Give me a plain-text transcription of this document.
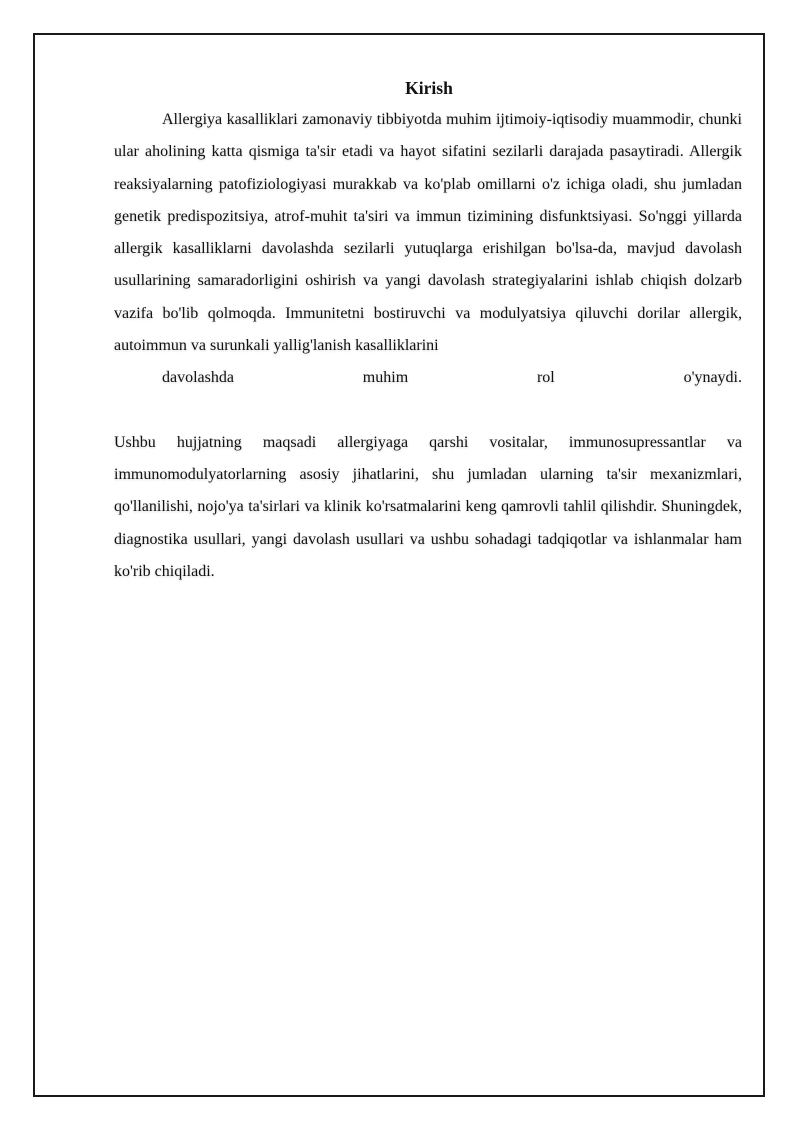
Kirish

Allergiya kasalliklari zamonaviy tibbiyotda muhim ijtimoiy-iqtisodiy muammodir, chunki ular aholining katta qismiga ta'sir etadi va hayot sifatini sezilarli darajada pasaytiradi. Allergik reaksiyalarning patofiziologiyasi murakkab va ko'plab omillarni o'z ichiga oladi, shu jumladan genetik predispozitsiya, atrof-muhit ta'siri va immun tizimining disfunktsiyasi. So'nggi yillarda allergik kasalliklarni davolashda sezilarli yutuqlarga erishilgan bo'lsa-da, mavjud davolash usullarining samaradorligini oshirish va yangi davolash strategiyalarini ishlab chiqish dolzarb vazifa bo'lib qolmoqda. Immunitetni bostiruvchi va modulyatsiya qiluvchi dorilar allergik, autoimmun va surunkali yallig'lanish kasalliklarini
davolashda muhim rol o'ynaydi.

Ushbu hujjatning maqsadi allergiyaga qarshi vositalar, immunosupressantlar va immunomodulyatorlarning asosiy jihatlarini, shu jumladan ularning ta'sir mexanizmlari, qo'llanilishi, nojo'ya ta'sirlari va klinik ko'rsatmalarini keng qamrovli tahlil qilishdir. Shuningdek, diagnostika usullari, yangi davolash usullari va ushbu sohadagi tadqiqotlar va ishlanmalar ham ko'rib chiqiladi.
